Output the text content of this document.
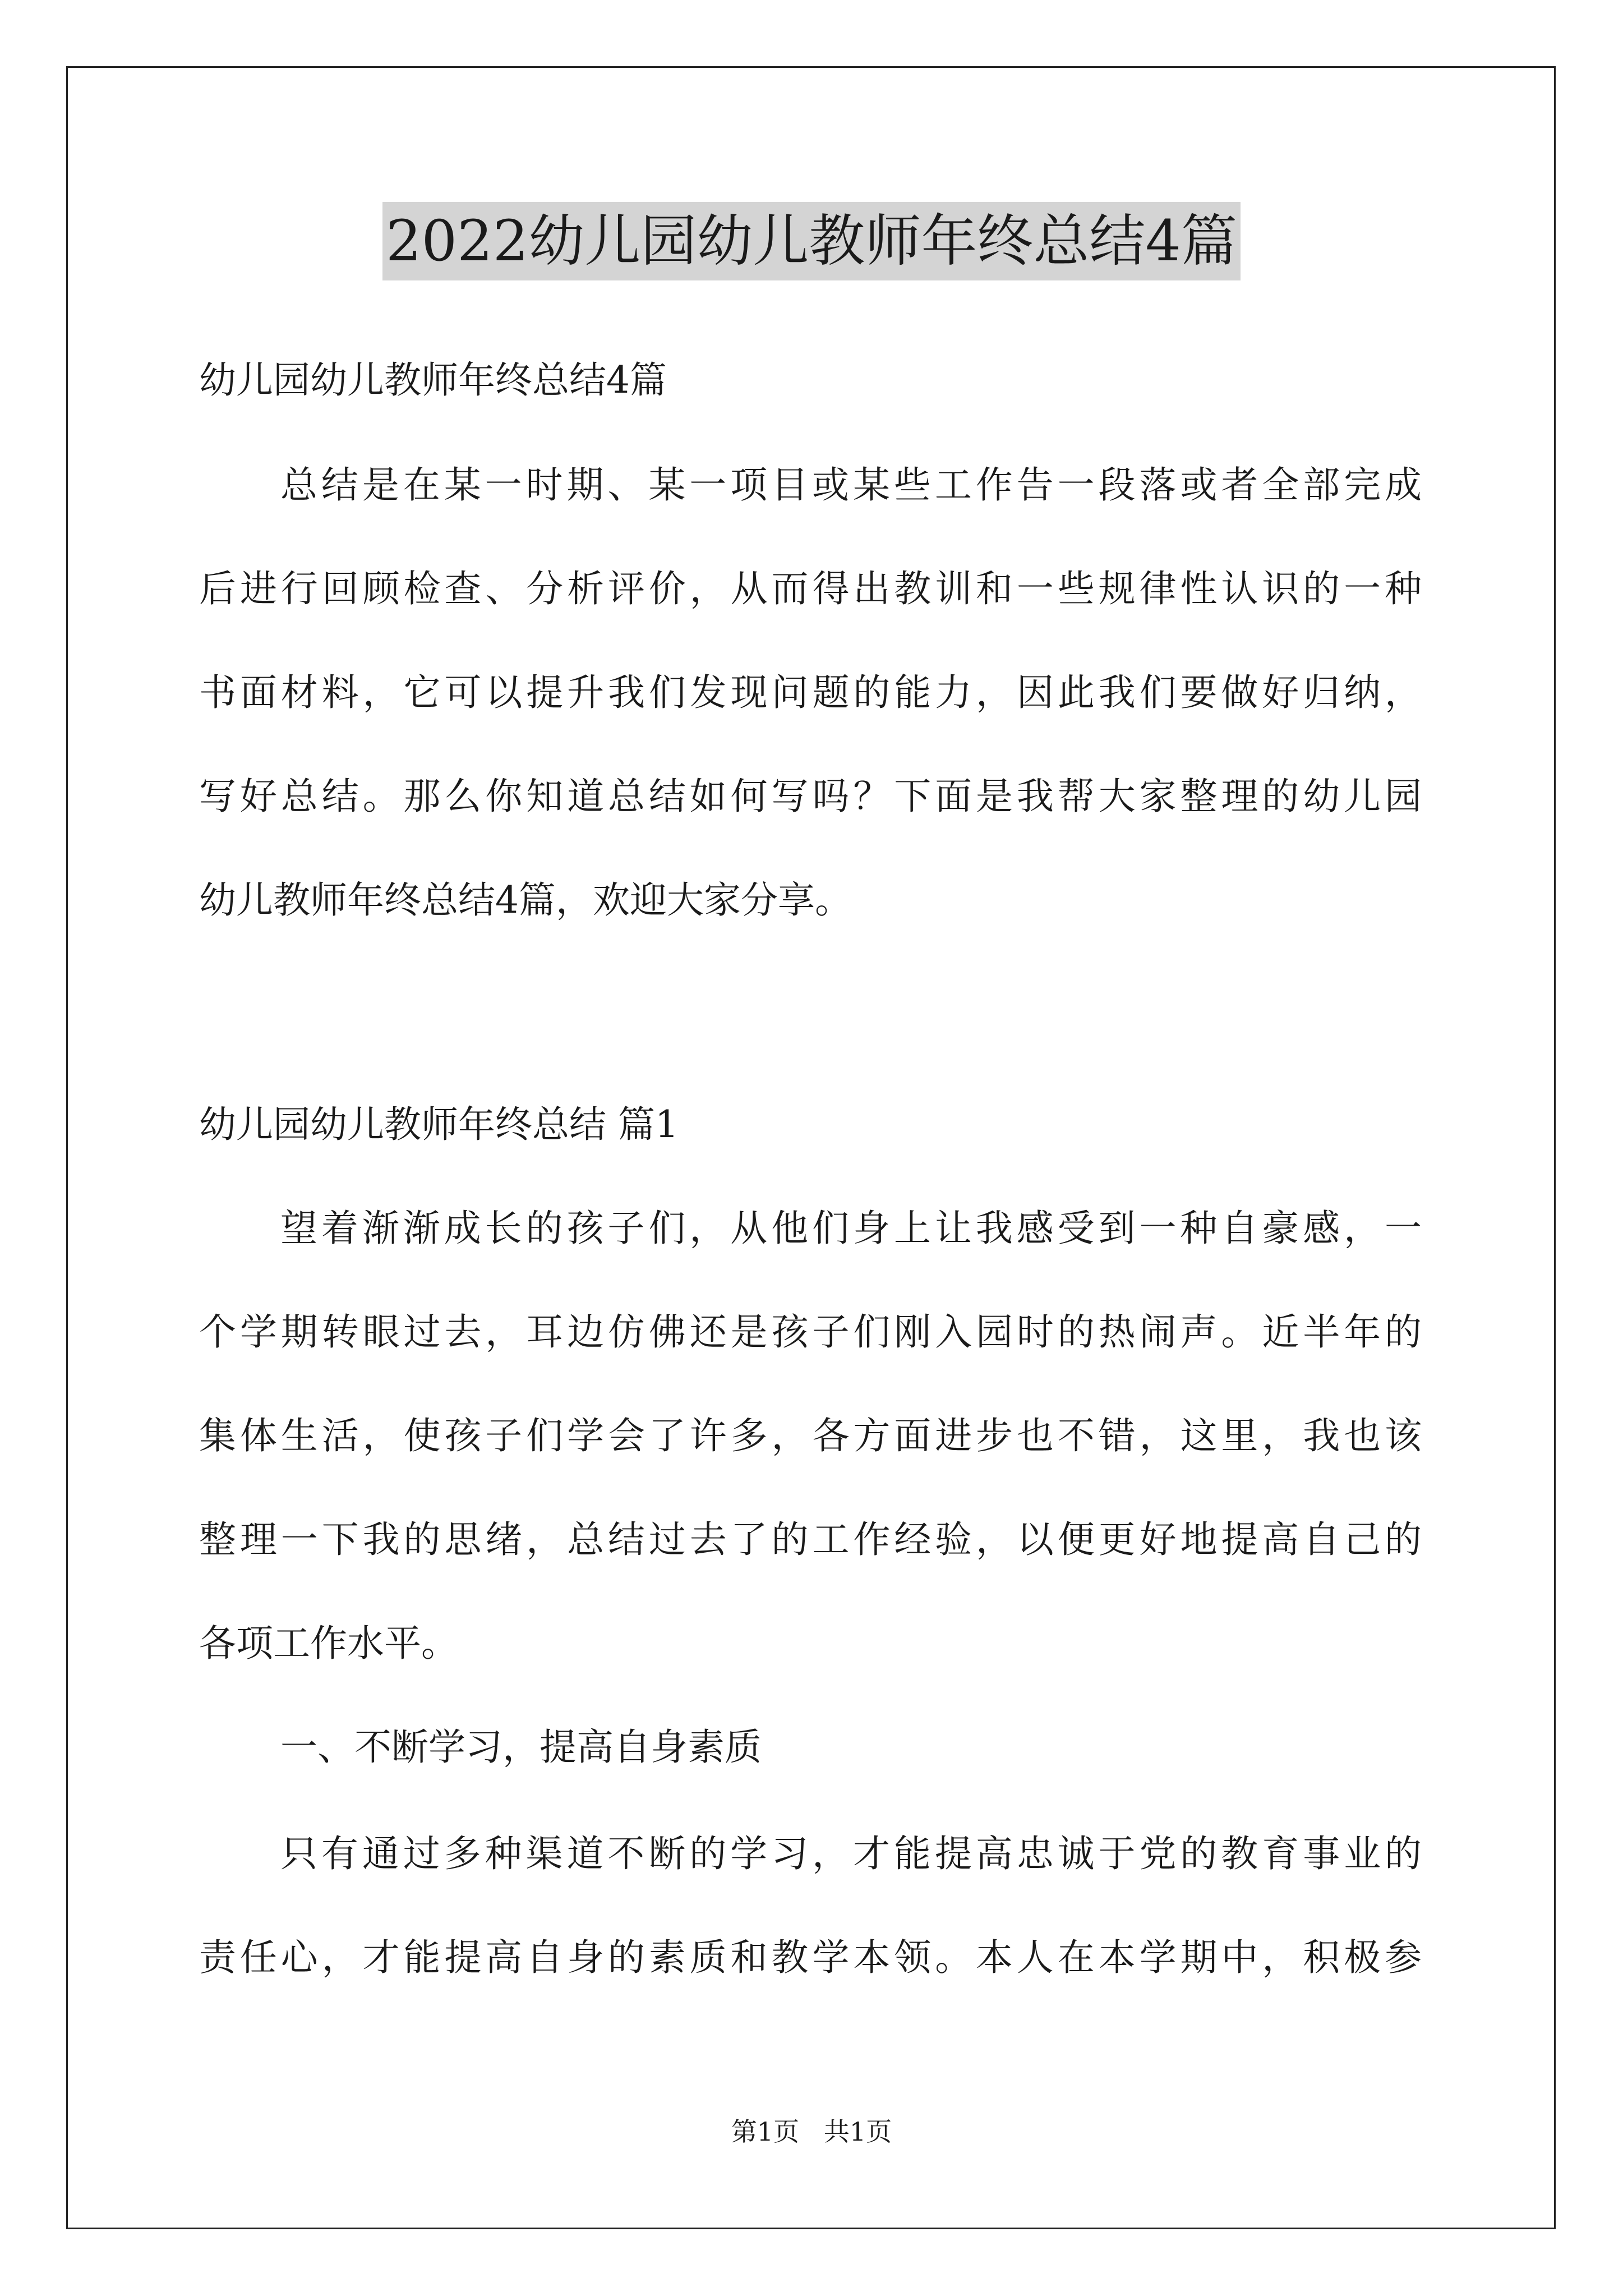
2022幼儿园幼儿教师年终总结4篇
幼儿园幼儿教师年终总结4篇
总结是在某一时期、某一项目或某些工作告一段落或者全部完成
后进行回顾检查、分析评价，从而得出教训和一些规律性认识的一种
书面材料，它可以提升我们发现问题的能力，因此我们要做好归纳，
写好总结。那么你知道总结如何写吗？下面是我帮大家整理的幼儿园
幼儿教师年终总结4篇，欢迎大家分享。
幼儿园幼儿教师年终总结 篇1
望着渐渐成长的孩子们，从他们身上让我感受到一种自豪感，一
个学期转眼过去，耳边仿佛还是孩子们刚入园时的热闹声。近半年的
集体生活，使孩子们学会了许多，各方面进步也不错，这里，我也该
整理一下我的思绪，总结过去了的工作经验，以便更好地提高自己的
各项工作水平。
一、不断学习，提高自身素质
只有通过多种渠道不断的学习，才能提高忠诚于党的教育事业的
责任心，才能提高自身的素质和教学本领。本人在本学期中，积极参
第1页   共1页
